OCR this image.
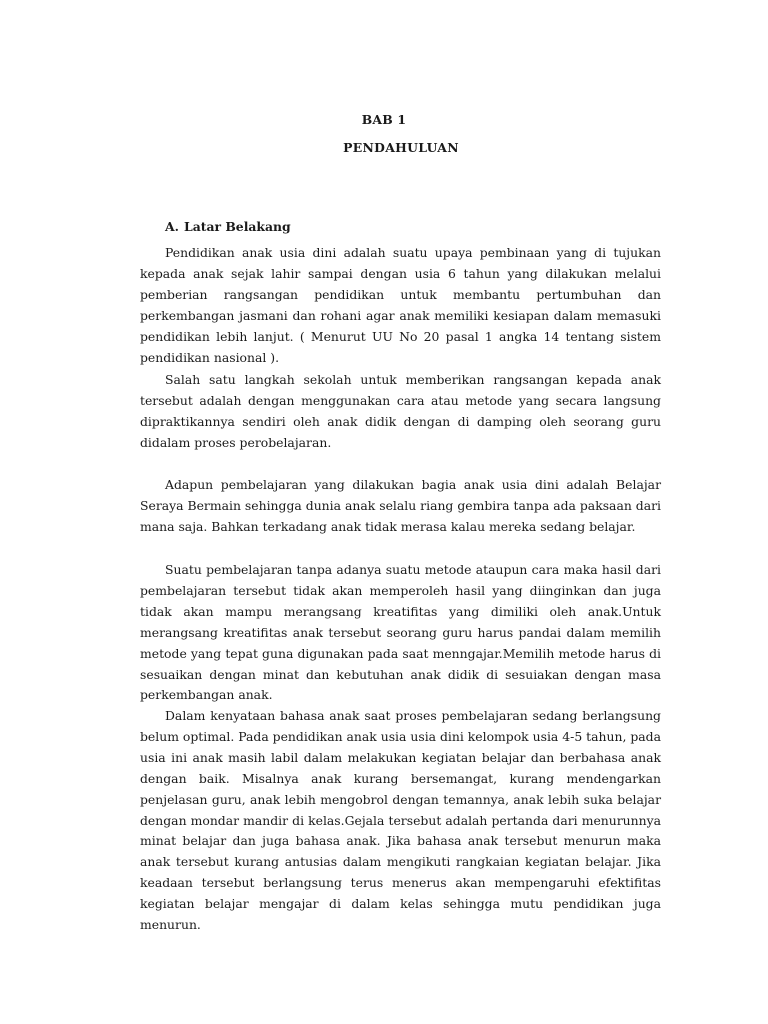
BAB 1
PENDAHULUAN
A. Latar Belakang

Pendidikan anak usia dini adalah suatu upaya pembinaan yang di tujukan kepada anak sejak lahir sampai dengan usia 6 tahun yang dilakukan melalui pemberian rangsangan pendidikan untuk membantu pertumbuhan dan perkembangan jasmani dan rohani agar anak memiliki kesiapan dalam memasuki pendidikan lebih lanjut. ( Menurut UU No 20 pasal 1 angka 14 tentang sistem pendidikan nasional ).

Salah satu langkah sekolah untuk memberikan rangsangan kepada anak tersebut adalah dengan menggunakan cara atau metode yang secara langsung dipraktikannya sendiri oleh anak didik dengan di damping oleh seorang guru didalam proses perobelajaran.

Adapun pembelajaran yang dilakukan bagia anak usia dini adalah Belajar Seraya Bermain sehingga dunia anak selalu riang gembira tanpa ada paksaan dari mana saja. Bahkan terkadang anak tidak merasa kalau mereka sedang belajar.

Suatu pembelajaran tanpa adanya suatu metode ataupun cara maka hasil dari pembelajaran tersebut tidak akan memperoleh hasil yang diinginkan dan juga tidak akan mampu merangsang kreatifitas yang dimiliki oleh anak.Untuk merangsang kreatifitas anak tersebut seorang guru harus pandai dalam memilih metode yang tepat guna digunakan pada saat menngajar.Memilih metode harus di sesuaikan dengan minat dan kebutuhan anak didik di sesuiakan dengan masa perkembangan anak.

Dalam kenyataan bahasa anak saat proses pembelajaran sedang berlangsung belum optimal. Pada pendidikan anak usia usia dini kelompok usia 4-5 tahun, pada usia ini anak masih labil dalam melakukan kegiatan belajar dan berbahasa anak dengan baik. Misalnya anak kurang bersemangat, kurang mendengarkan penjelasan guru, anak lebih mengobrol dengan temannya, anak lebih suka belajar dengan mondar mandir di kelas.Gejala tersebut adalah pertanda dari menurunnya minat belajar dan juga bahasa anak. Jika bahasa anak tersebut menurun maka anak tersebut kurang antusias dalam mengikuti rangkaian kegiatan belajar. Jika keadaan tersebut berlangsung terus menerus akan mempengaruhi efektifitas kegiatan belajar mengajar di dalam kelas sehingga mutu pendidikan juga menurun.
